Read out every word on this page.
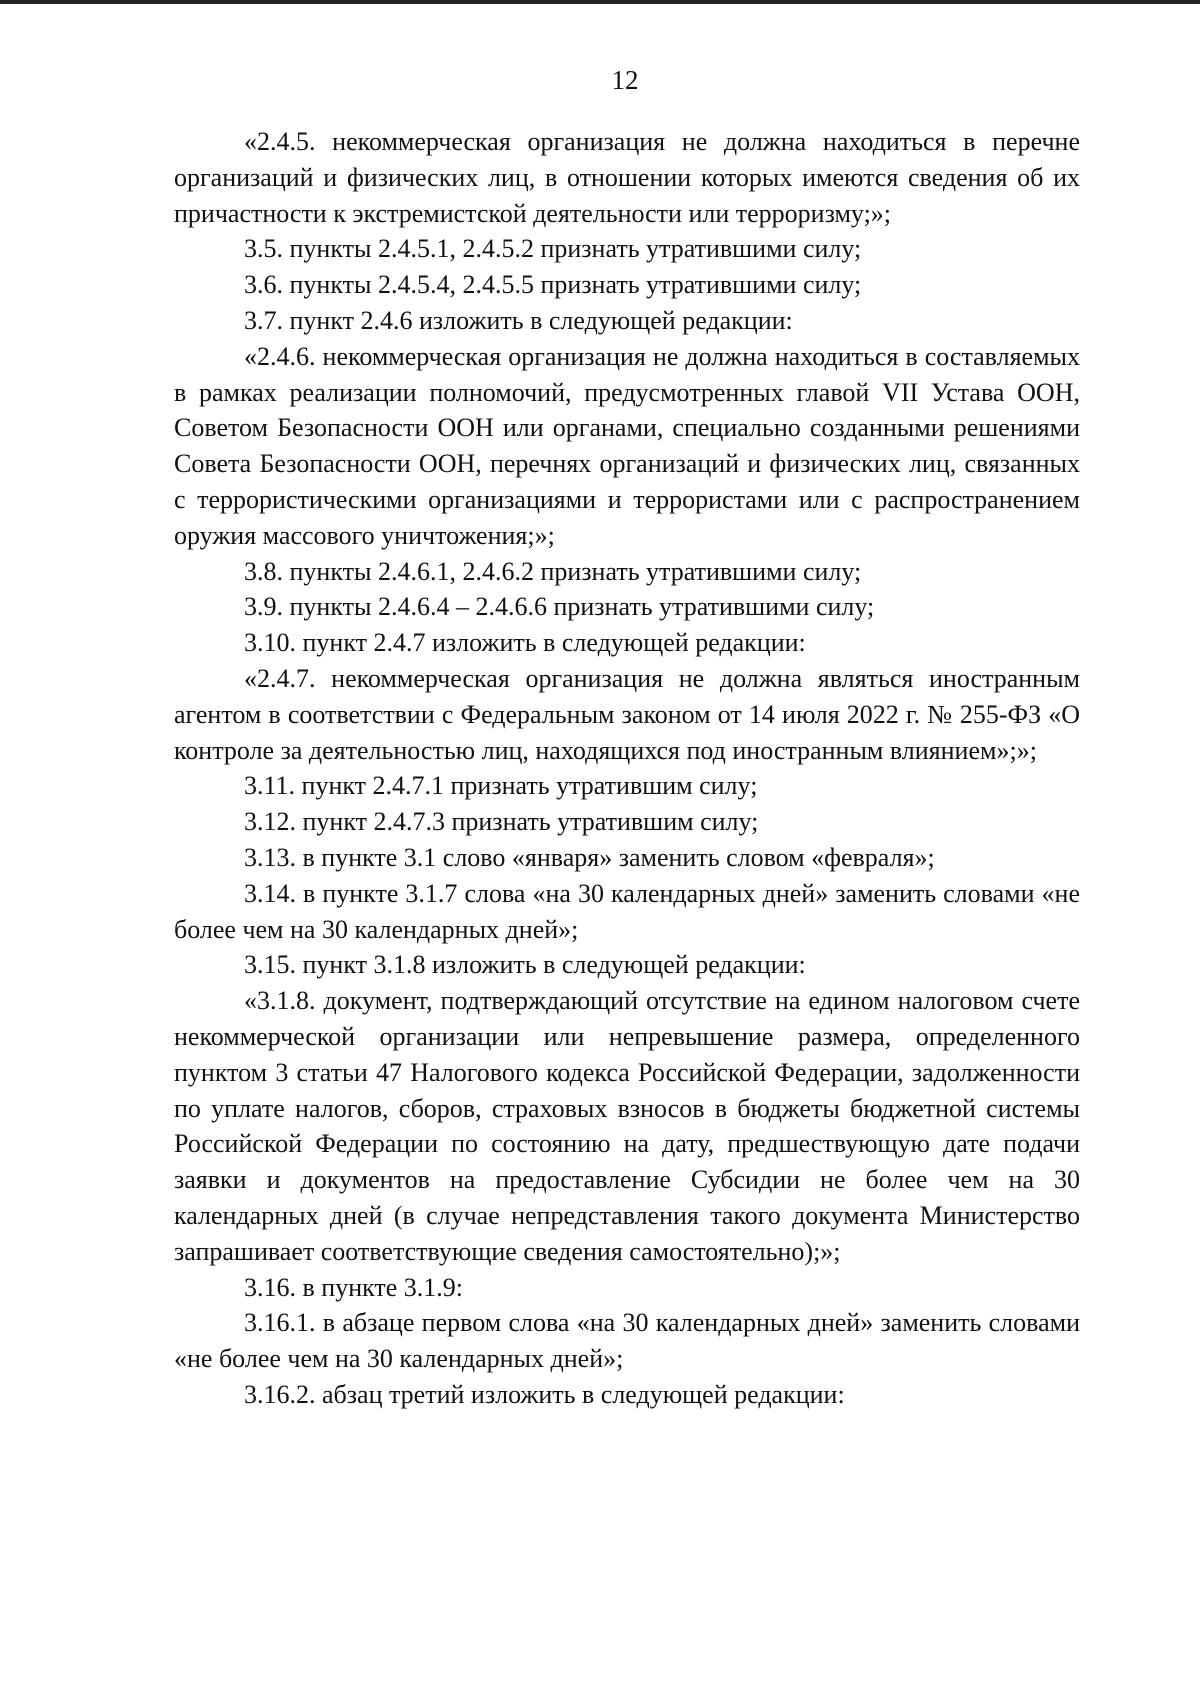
12

«2.4.5. некоммерческая организация не должна находиться в перечне организаций и физических лиц, в отношении которых имеются сведения об их причастности к экстремистской деятельности или терроризму;»;

3.5. пункты 2.4.5.1, 2.4.5.2 признать утратившими силу;

3.6. пункты 2.4.5.4, 2.4.5.5 признать утратившими силу;

3.7. пункт 2.4.6 изложить в следующей редакции:

«2.4.6. некоммерческая организация не должна находиться в составляемых в рамках реализации полномочий, предусмотренных главой VII Устава ООН, Советом Безопасности ООН или органами, специально созданными решениями Совета Безопасности ООН, перечнях организаций и физических лиц, связанных с террористическими организациями и террористами или с распространением оружия массового уничтожения;»;

3.8. пункты 2.4.6.1, 2.4.6.2 признать утратившими силу;

3.9. пункты 2.4.6.4 – 2.4.6.6 признать утратившими силу;

3.10. пункт 2.4.7 изложить в следующей редакции:

«2.4.7. некоммерческая организация не должна являться иностранным агентом в соответствии с Федеральным законом от 14 июля 2022 г. № 255-ФЗ «О контроле за деятельностью лиц, находящихся под иностранным влиянием»;»;

3.11. пункт 2.4.7.1 признать утратившим силу;

3.12. пункт 2.4.7.3 признать утратившим силу;

3.13. в пункте 3.1 слово «января» заменить словом «февраля»;

3.14. в пункте 3.1.7 слова «на 30 календарных дней» заменить словами «не более чем на 30 календарных дней»;

3.15. пункт 3.1.8 изложить в следующей редакции:

«3.1.8. документ, подтверждающий отсутствие на едином налоговом счете некоммерческой организации или непревышение размера, определенного пунктом 3 статьи 47 Налогового кодекса Российской Федерации, задолженности по уплате налогов, сборов, страховых взносов в бюджеты бюджетной системы Российской Федерации по состоянию на дату, предшествующую дате подачи заявки и документов на предоставление Субсидии не более чем на 30 календарных дней (в случае непредставления такого документа Министерство запрашивает соответствующие сведения самостоятельно);»;

3.16. в пункте 3.1.9:

3.16.1. в абзаце первом слова «на 30 календарных дней» заменить словами «не более чем на 30 календарных дней»;

3.16.2. абзац третий изложить в следующей редакции:
